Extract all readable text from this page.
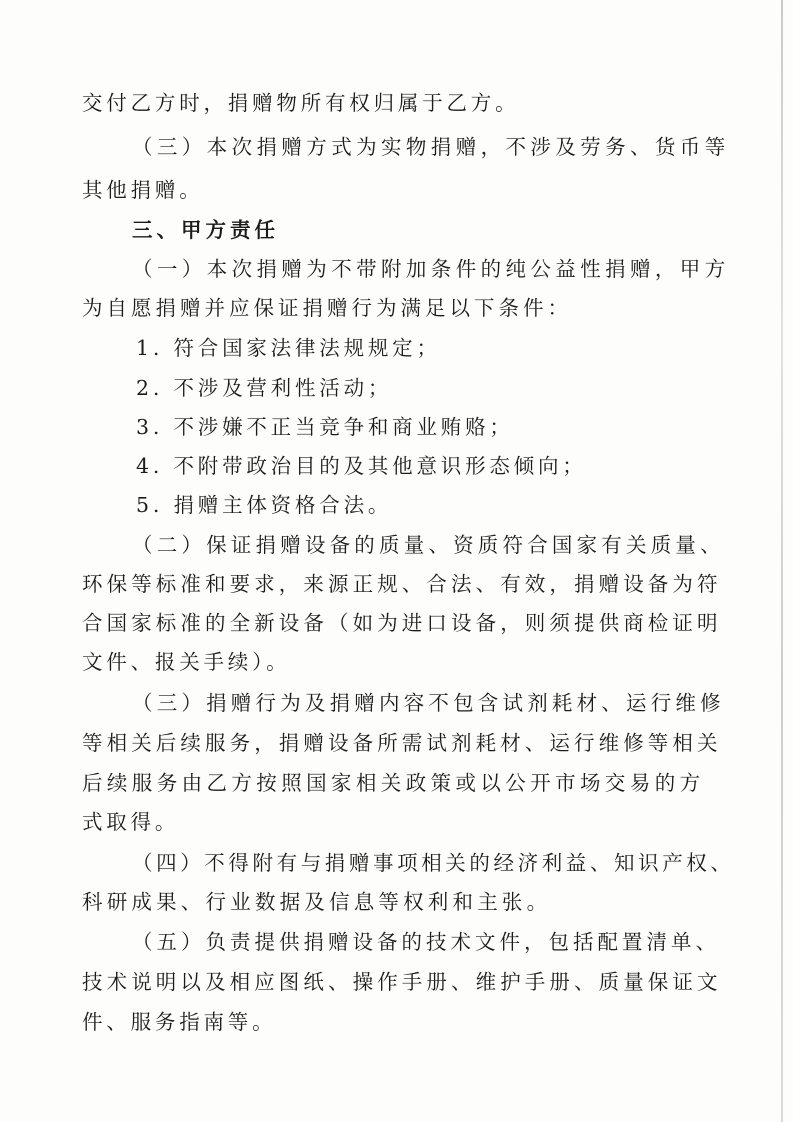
交付乙方时，捐赠物所有权归属于乙方。
（三）本次捐赠方式为实物捐赠，不涉及劳务、货币等
其他捐赠。
三、甲方责任
（一）本次捐赠为不带附加条件的纯公益性捐赠，甲方
为自愿捐赠并应保证捐赠行为满足以下条件：
1. 符合国家法律法规规定；
2. 不涉及营利性活动；
3. 不涉嫌不正当竞争和商业贿赂；
4. 不附带政治目的及其他意识形态倾向；
5. 捐赠主体资格合法。
（二）保证捐赠设备的质量、资质符合国家有关质量、
环保等标准和要求，来源正规、合法、有效，捐赠设备为符
合国家标准的全新设备（如为进口设备，则须提供商检证明
文件、报关手续）。
（三）捐赠行为及捐赠内容不包含试剂耗材、运行维修
等相关后续服务，捐赠设备所需试剂耗材、运行维修等相关
后续服务由乙方按照国家相关政策或以公开市场交易的方
式取得。
（四）不得附有与捐赠事项相关的经济利益、知识产权、
科研成果、行业数据及信息等权利和主张。
（五）负责提供捐赠设备的技术文件，包括配置清单、
技术说明以及相应图纸、操作手册、维护手册、质量保证文
件、服务指南等。
